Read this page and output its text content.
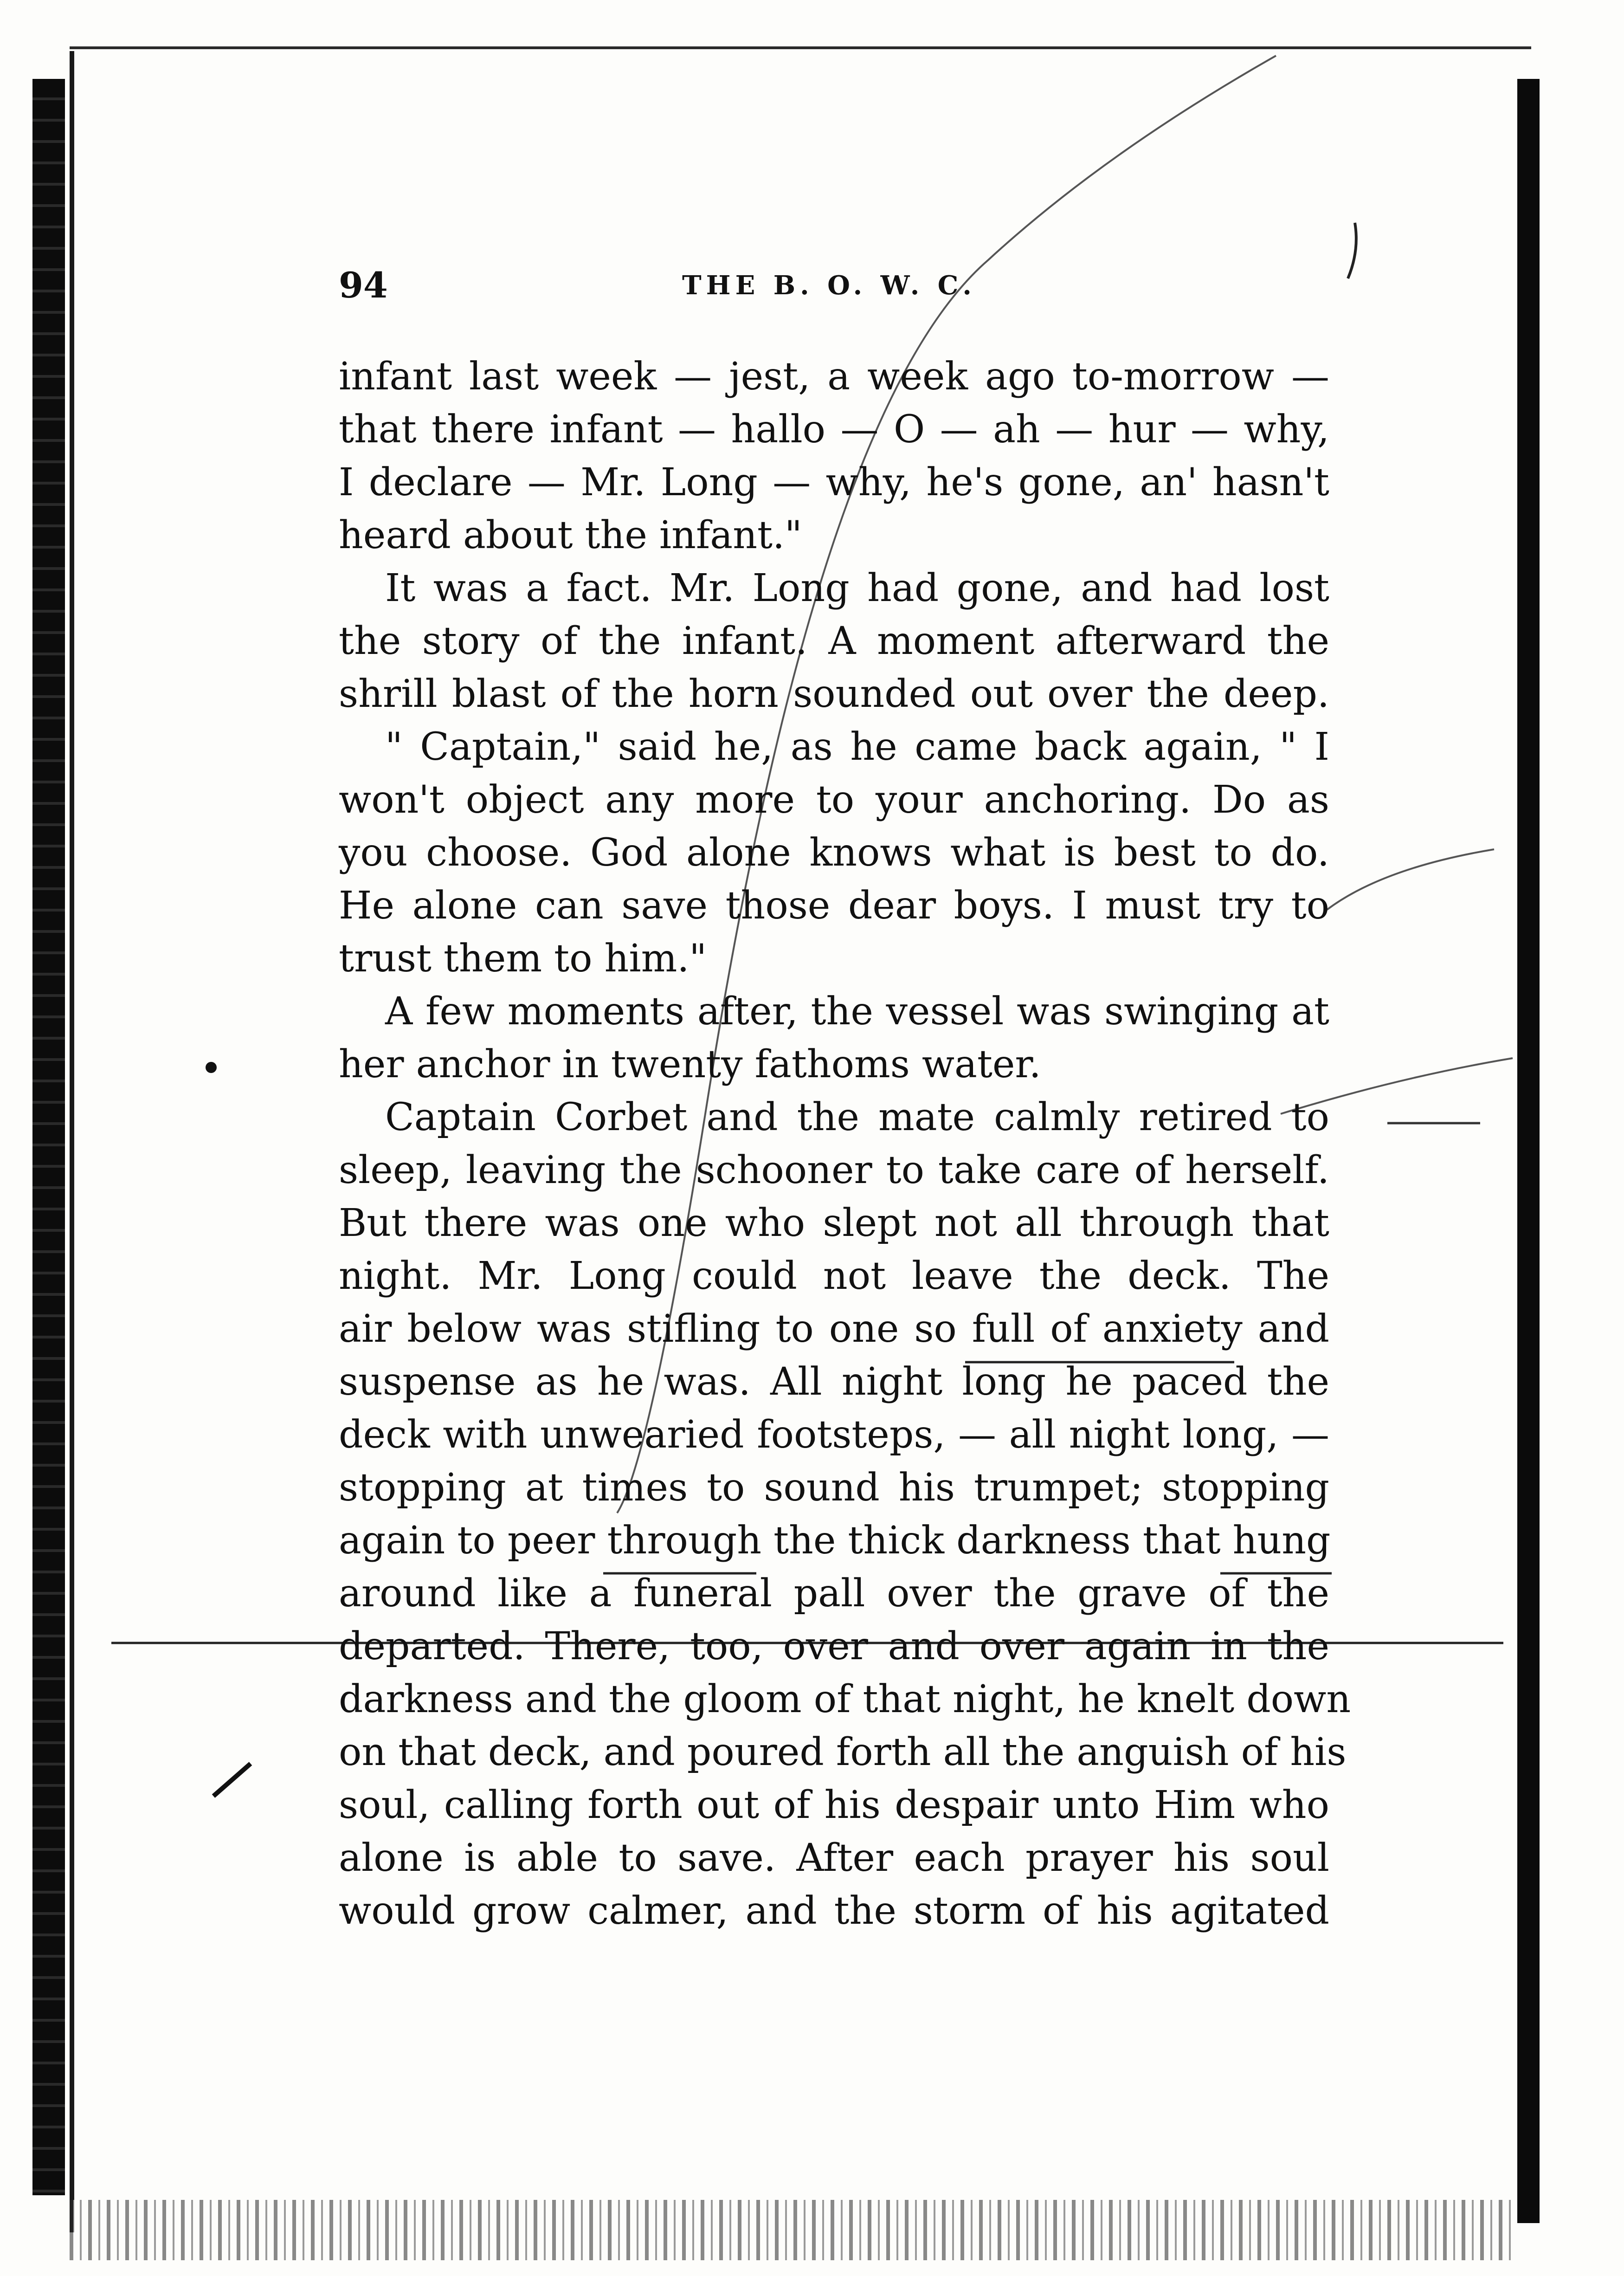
94	THE B. O. W. C.
infant last week — jest, a week ago to-morrow —
that there infant — hallo — O — ah — hur — why,
I declare — Mr. Long — why, he's gone, an' hasn't
heard about the infant."
It was a fact. Mr. Long had gone, and had lost
the story of the infant. A moment afterward the
shrill blast of the horn sounded out over the deep.
" Captain," said he, as he came back again, " I
won't object any more to your anchoring. Do as
you choose. God alone knows what is best to do.
He alone can save those dear boys. I must try to
trust them to him."
A few moments after, the vessel was swinging at
her anchor in twenty fathoms water.
Captain Corbet and the mate calmly retired to
sleep, leaving the schooner to take care of herself.
But there was one who slept not all through that
night. Mr. Long could not leave the deck. The
air below was stifling to one so full of anxiety and
suspense as he was. All night long he paced the
deck with unwearied footsteps, — all night long, —
stopping at times to sound his trumpet; stopping
again to peer through the thick darkness that hung
around like a funeral pall over the grave of the
departed. There, too, over and over again in the
darkness and the gloom of that night, he knelt down
on that deck, and poured forth all the anguish of his
soul, calling forth out of his despair unto Him who
alone is able to save. After each prayer his soul
would grow calmer, and the storm of his agitated
